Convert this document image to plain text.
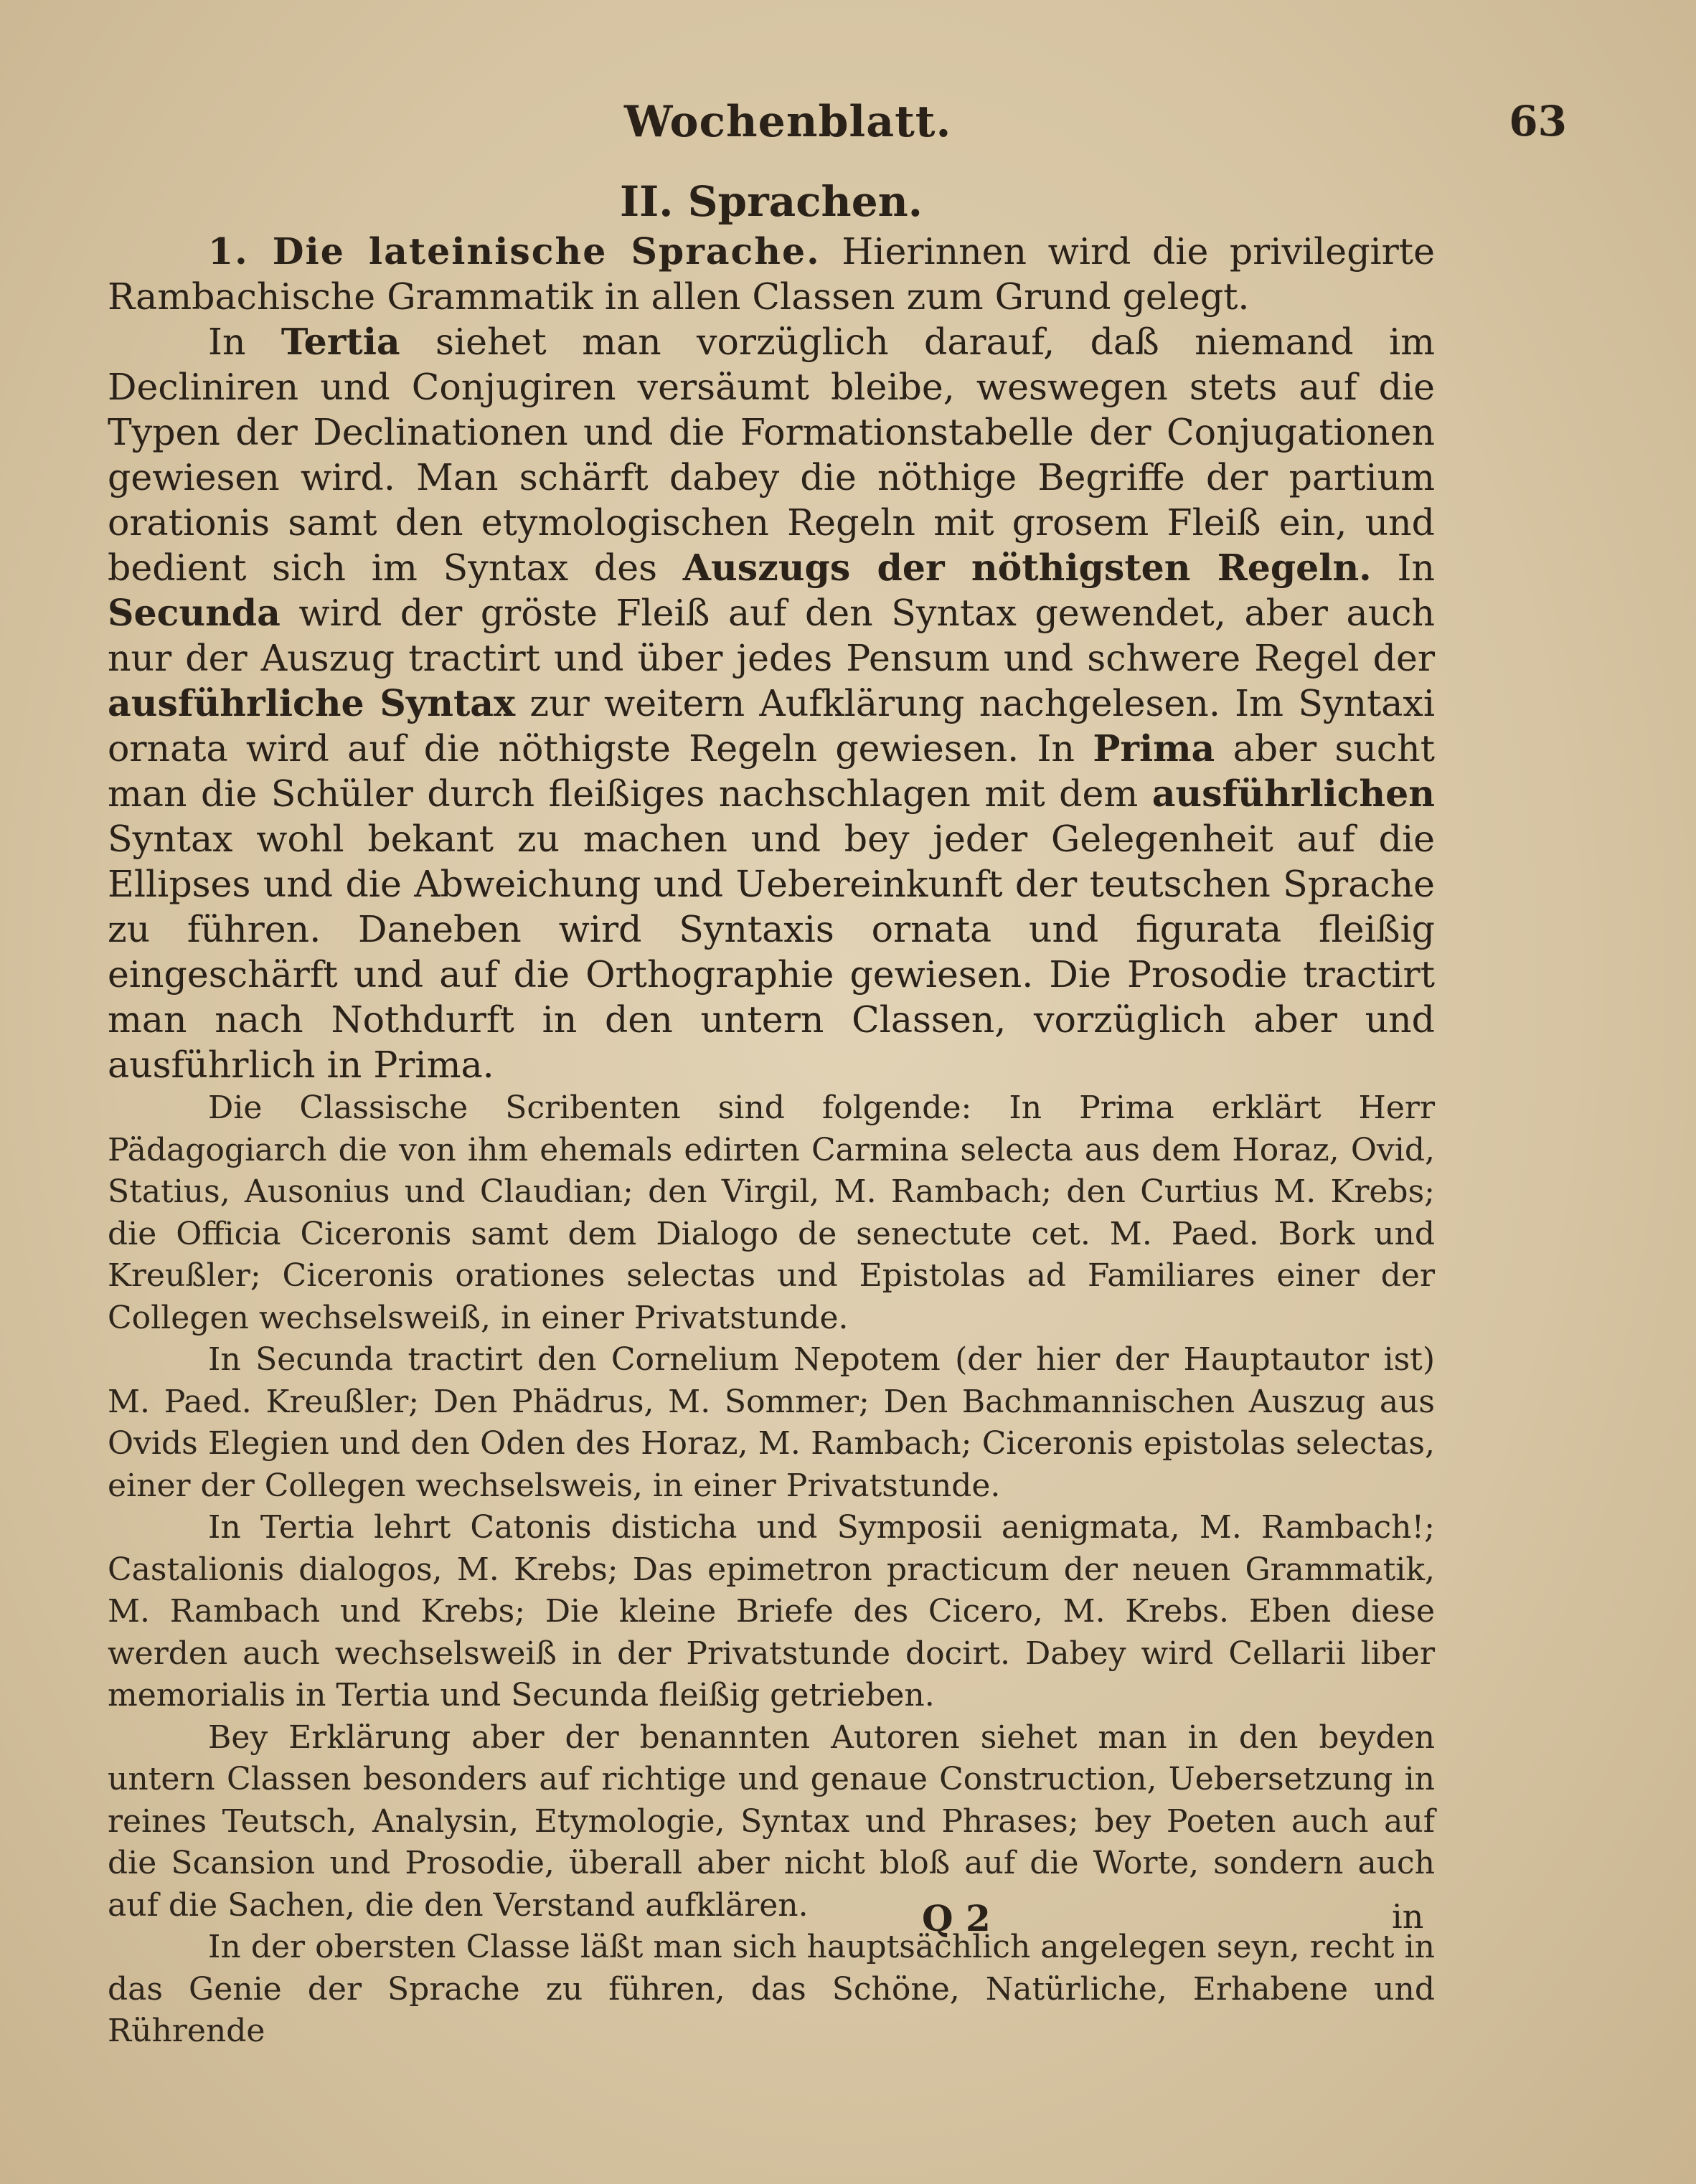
Wochenblatt.	63
II. Sprachen.

1. Die lateinische Sprache. Hierinnen wird die privilegirte Rambachische Grammatik in allen Classen zum Grund gelegt.

In Tertia siehet man vorzüglich darauf, daß niemand im Decliniren und Conjugiren versäumt bleibe, weswegen stets auf die Typen der Declinationen und die Formationstabelle der Conjugationen gewiesen wird. Man schärft dabey die nöthige Begriffe der partium orationis samt den etymologischen Regeln mit grosem Fleiß ein, und bedient sich im Syntax des Auszugs der nöthigsten Regeln. In Secunda wird der gröste Fleiß auf den Syntax gewendet, aber auch nur der Auszug tractirt und über jedes Pensum und schwere Regel der ausführliche Syntax zur weitern Aufklärung nachgelesen. Im Syntaxi ornata wird auf die nöthigste Regeln gewiesen. In Prima aber sucht man die Schüler durch fleißiges nachschlagen mit dem ausführlichen Syntax wohl bekant zu machen und bey jeder Gelegenheit auf die Ellipses und die Abweichung und Uebereinkunft der teutschen Sprache zu führen. Daneben wird Syntaxis ornata und figurata fleißig eingeschärft und auf die Orthographie gewiesen. Die Prosodie tractirt man nach Nothdurft in den untern Classen, vorzüglich aber und ausführlich in Prima.

Die Classische Scribenten sind folgende: In Prima erklärt Herr Pädagogiarch die von ihm ehemals edirten Carmina selecta aus dem Horaz, Ovid, Statius, Ausonius und Claudian; den Virgil, M. Rambach; den Curtius M. Krebs; die Officia Ciceronis samt dem Dialogo de senectute cet. M. Paed. Bork und Kreußler; Ciceronis orationes selectas und Epistolas ad Familiares einer der Collegen wechselsweiß, in einer Privatstunde.

In Secunda tractirt den Cornelium Nepotem (der hier der Hauptautor ist) M. Paed. Kreußler; Den Phädrus, M. Sommer; Den Bachmannischen Auszug aus Ovids Elegien und den Oden des Horaz, M. Rambach; Ciceronis epistolas selectas, einer der Collegen wechselsweis, in einer Privatstunde.

In Tertia lehrt Catonis disticha und Symposii aenigmata, M. Rambach!; Castalionis dialogos, M. Krebs; Das epimetron practicum der neuen Grammatik, M. Rambach und Krebs; Die kleine Briefe des Cicero, M. Krebs. Eben diese werden auch wechselsweiß in der Privatstunde docirt. Dabey wird Cellarii liber memorialis in Tertia und Secunda fleißig getrieben.

Bey Erklärung aber der benannten Autoren siehet man in den beyden untern Classen besonders auf richtige und genaue Construction, Uebersetzung in reines Teutsch, Analysin, Etymologie, Syntax und Phrases; bey Poeten auch auf die Scansion und Prosodie, überall aber nicht bloß auf die Worte, sondern auch auf die Sachen, die den Verstand aufklären.

In der obersten Classe läßt man sich hauptsächlich angelegen seyn, recht in das Genie der Sprache zu führen, das Schöne, Natürliche, Erhabene und Rührende

Q 2	in
